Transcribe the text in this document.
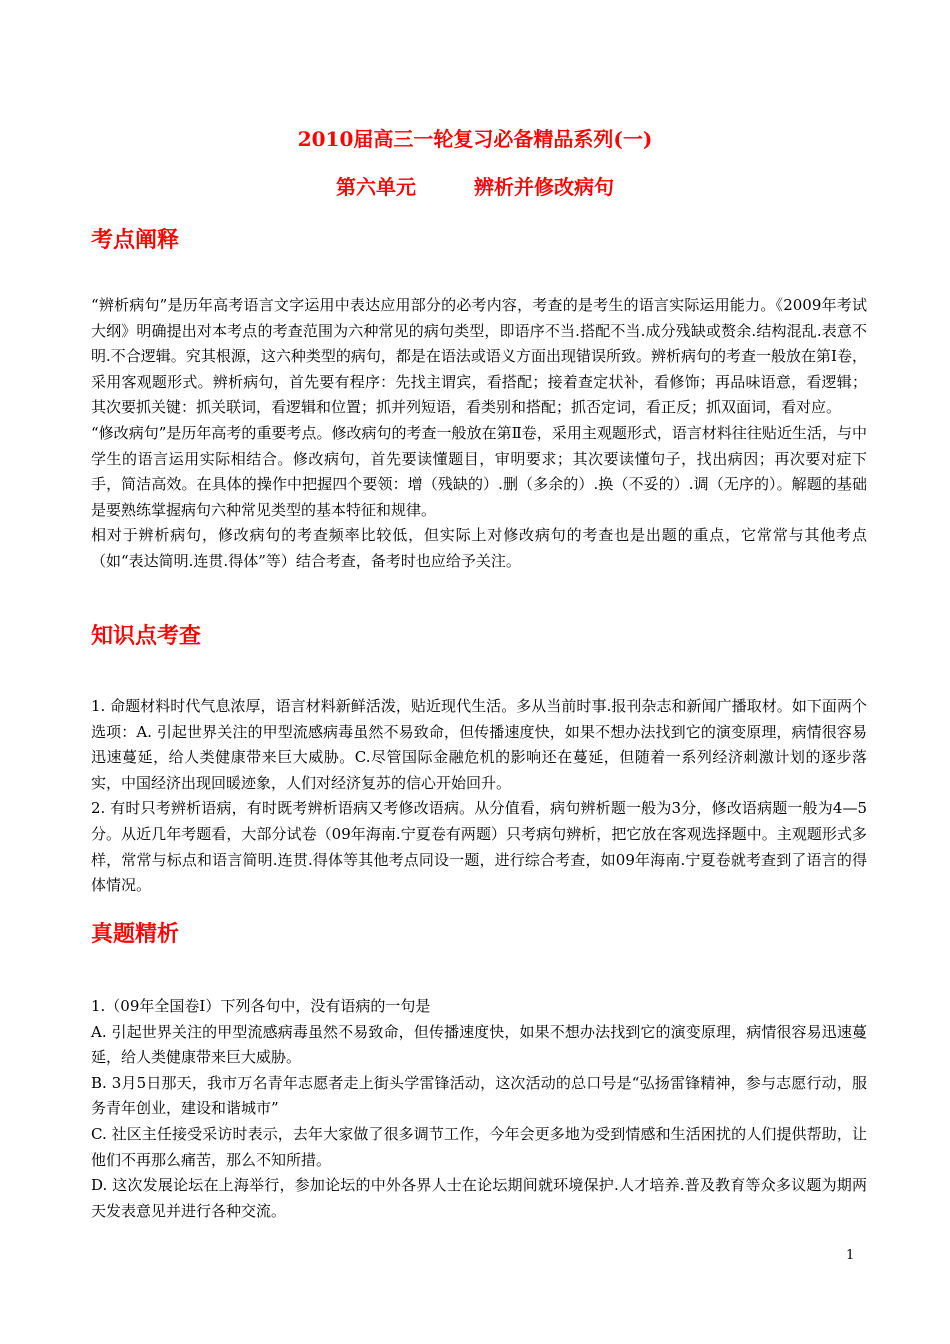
2010届高三一轮复习必备精品系列(一)
第六单元	辨析并修改病句
考点阐释

“辨析病句”是历年高考语言文字运用中表达应用部分的必考内容，考查的是考生的语言实际运用能力。《2009年考试大纲》明确提出对本考点的考查范围为六种常见的病句类型，即语序不当.搭配不当.成分残缺或赘余.结构混乱.表意不明.不合逻辑。究其根源，这六种类型的病句，都是在语法或语义方面出现错误所致。辨析病句的考查一般放在第Ⅰ卷，采用客观题形式。辨析病句，首先要有程序：先找主谓宾，看搭配；接着查定状补，看修饰；再品味语意，看逻辑；其次要抓关键：抓关联词，看逻辑和位置；抓并列短语，看类别和搭配；抓否定词，看正反；抓双面词，看对应。

“修改病句”是历年高考的重要考点。修改病句的考查一般放在第Ⅱ卷，采用主观题形式，语言材料往往贴近生活，与中学生的语言运用实际相结合。修改病句，首先要读懂题目，审明要求；其次要读懂句子，找出病因；再次要对症下手，简洁高效。在具体的操作中把握四个要领：增（残缺的）.删（多余的）.换（不妥的）.调（无序的）。解题的基础是要熟练掌握病句六种常见类型的基本特征和规律。

相对于辨析病句，修改病句的考查频率比较低，但实际上对修改病句的考查也是出题的重点，它常常与其他考点（如“表达简明.连贯.得体”等）结合考查，备考时也应给予关注。

知识点考查

1. 命题材料时代气息浓厚，语言材料新鲜活泼，贴近现代生活。多从当前时事.报刊杂志和新闻广播取材。如下面两个选项：A. 引起世界关注的甲型流感病毒虽然不易致命，但传播速度快，如果不想办法找到它的演变原理，病情很容易迅速蔓延，给人类健康带来巨大威胁。C.尽管国际金融危机的影响还在蔓延，但随着一系列经济刺激计划的逐步落实，中国经济出现回暖迹象，人们对经济复苏的信心开始回升。

2. 有时只考辨析语病，有时既考辨析语病又考修改语病。从分值看，病句辨析题一般为3分，修改语病题一般为4—5分。从近几年考题看，大部分试卷（09年海南.宁夏卷有两题）只考病句辨析，把它放在客观选择题中。主观题形式多样，常常与标点和语言简明.连贯.得体等其他考点同设一题，进行综合考查，如09年海南.宁夏卷就考查到了语言的得体情况。

真题精析

1.（09年全国卷Ⅰ）下列各句中，没有语病的一句是

A. 引起世界关注的甲型流感病毒虽然不易致命，但传播速度快，如果不想办法找到它的演变原理，病情很容易迅速蔓延，给人类健康带来巨大威胁。

B. 3月5日那天，我市万名青年志愿者走上街头学雷锋活动，这次活动的总口号是“弘扬雷锋精神，参与志愿行动，服务青年创业，建设和谐城市”

C. 社区主任接受采访时表示，去年大家做了很多调节工作，今年会更多地为受到情感和生活困扰的人们提供帮助，让他们不再那么痛苦，那么不知所措。

D. 这次发展论坛在上海举行，参加论坛的中外各界人士在论坛期间就环境保护.人才培养.普及教育等众多议题为期两天发表意见并进行各种交流。

1
